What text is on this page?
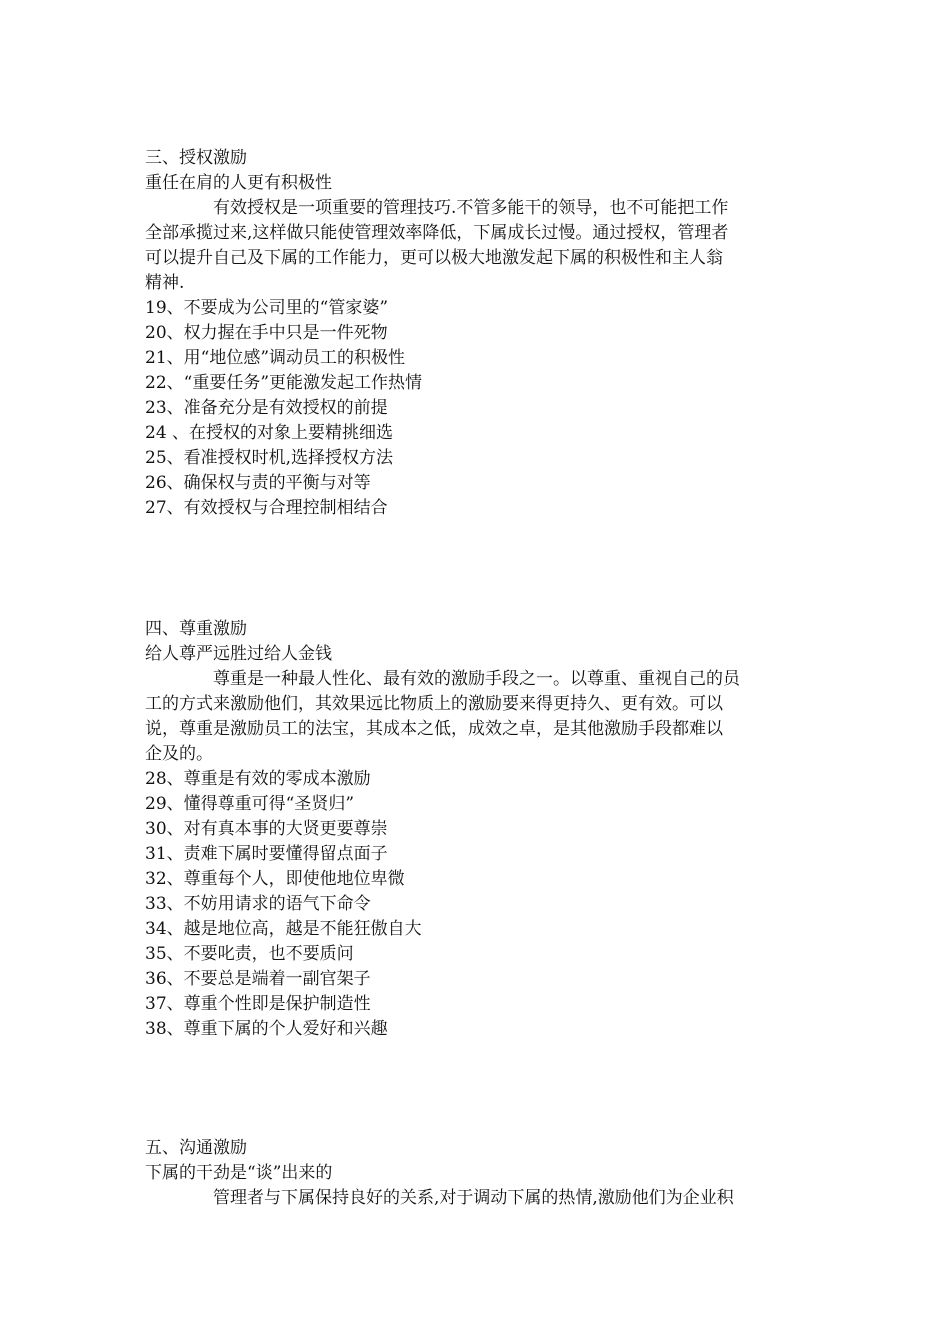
三、授权激励
重任在肩的人更有积极性
有效授权是一项重要的管理技巧.不管多能干的领导，也不可能把工作
全部承揽过来,这样做只能使管理效率降低，下属成长过慢。通过授权，管理者
可以提升自己及下属的工作能力，更可以极大地激发起下属的积极性和主人翁
精神.
19、不要成为公司里的“管家婆”
20、权力握在手中只是一件死物
21、用“地位感”调动员工的积极性
22、“重要任务”更能激发起工作热情
23、准备充分是有效授权的前提
24 、在授权的对象上要精挑细选
25、看准授权时机,选择授权方法
26、确保权与责的平衡与对等
27、有效授权与合理控制相结合
四、尊重激励
给人尊严远胜过给人金钱
尊重是一种最人性化、最有效的激励手段之一。以尊重、重视自己的员
工的方式来激励他们，其效果远比物质上的激励要来得更持久、更有效。可以
说，尊重是激励员工的法宝，其成本之低，成效之卓，是其他激励手段都难以
企及的。
28、尊重是有效的零成本激励
29、懂得尊重可得“圣贤归”
30、对有真本事的大贤更要尊崇
31、责难下属时要懂得留点面子
32、尊重每个人，即使他地位卑微
33、不妨用请求的语气下命令
34、越是地位高，越是不能狂傲自大
35、不要叱责，也不要质问
36、不要总是端着一副官架子
37、尊重个性即是保护制造性
38、尊重下属的个人爱好和兴趣
五、沟通激励
下属的干劲是“谈”出来的
管理者与下属保持良好的关系,对于调动下属的热情,激励他们为企业积
